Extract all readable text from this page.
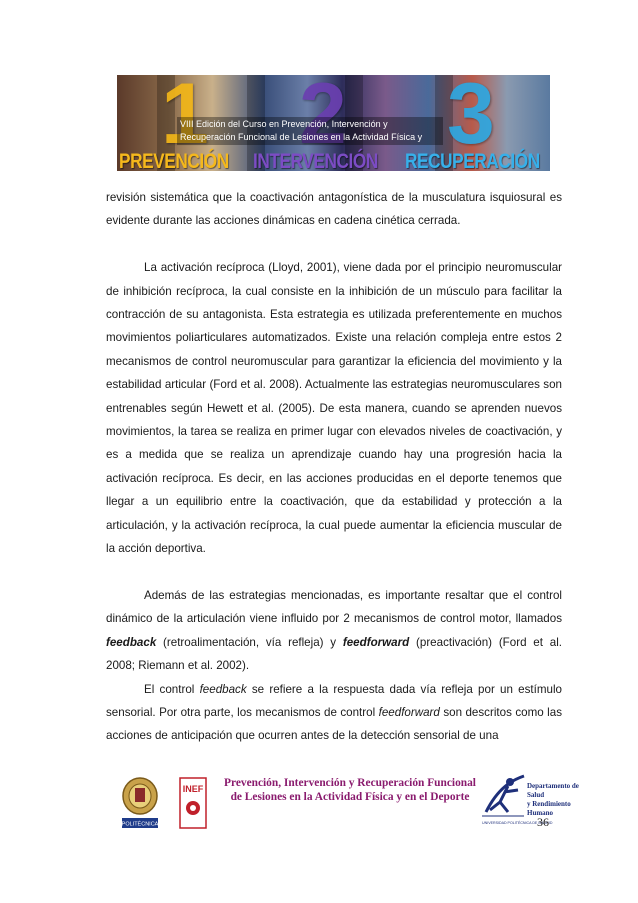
1 2 3
VIII Edición del Curso en Prevención, Intervención y
Recuperación Funcional de Lesiones en la Actividad Física y
PREVENCIÓN INTERVENCIÓN RECUPERACIÓN

revisión sistemática que la coactivación antagonística de la musculatura isquiosural es evidente durante las acciones dinámicas en cadena cinética cerrada.

La activación recíproca (Lloyd, 2001), viene dada por el principio neuromuscular de inhibición recíproca, la cual consiste en la inhibición de un músculo para facilitar la contracción de su antagonista. Esta estrategia es utilizada preferentemente en muchos movimientos poliarticulares automatizados. Existe una relación compleja entre estos 2 mecanismos de control neuromuscular para garantizar la eficiencia del movimiento y la estabilidad articular (Ford et al. 2008). Actualmente las estrategias neuromusculares son entrenables según Hewett et al. (2005). De esta manera, cuando se aprenden nuevos movimientos, la tarea se realiza en primer lugar con elevados niveles de coactivación, y es a medida que se realiza un aprendizaje cuando hay una progresión hacia la activación recíproca. Es decir, en las acciones producidas en el deporte tenemos que llegar a un equilibrio entre la coactivación, que da estabilidad y protección a la articulación, y la activación recíproca, la cual puede aumentar la eficiencia muscular de la acción deportiva.

Además de las estrategias mencionadas, es importante resaltar que el control dinámico de la articulación viene influido por 2 mecanismos de control motor, llamados feedback (retroalimentación, vía refleja) y feedforward (preactivación) (Ford et al. 2008; Riemann et al. 2002).

El control feedback se refiere a la respuesta dada vía refleja por un estímulo sensorial. Por otra parte, los mecanismos de control feedforward son descritos como las acciones de anticipación que ocurren antes de la detección sensorial de una

POLITÉCNICA
INEF	Prevención, Intervención y Recuperación Funcional
de Lesiones en la Actividad Física y en el Deporte
UNIVERSIDAD POLITÉCNICA DE MADRID
Departamento de Salud
y Rendimiento Humano
36
